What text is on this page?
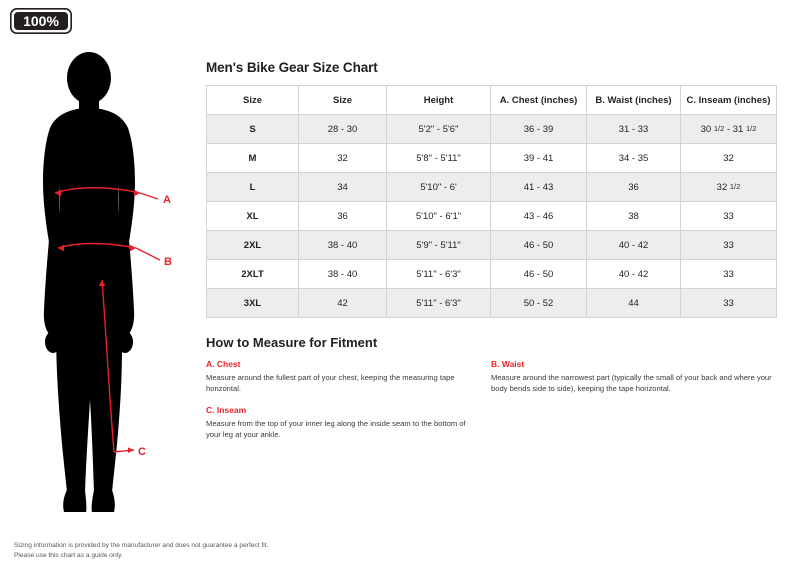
100%
A
B
C
Men's Bike Gear Size Chart
Size	Size	Height	A. Chest (inches)	B. Waist (inches)	C. Inseam (inches)
S	28 - 30	5'2" - 5'6"	36 - 39	31 - 33	30 1/2 - 31 1/2
M	32	5'8" - 5'11"	39 - 41	34 - 35	32
L	34	5'10" - 6'	41 - 43	36	32 1/2
XL	36	5'10" - 6'1"	43 - 46	38	33
2XL	38 - 40	5'9" - 5'11"	46 - 50	40 - 42	33
2XLT	38 - 40	5'11" - 6'3"	46 - 50	40 - 42	33
3XL	42	5'11" - 6'3"	50 - 52	44	33
How to Measure for Fitment
A. Chest
Measure around the fullest part of your chest, keeping the measuring tape horizontal.
B. Waist
Measure around the narrowest part (typically the small of your back and where your body bends side to side), keeping the tape horizontal.
C. Inseam
Measure from the top of your inner leg along the inside seam to the bottom of your leg at your ankle.
Sizing information is provided by the manufacturer and does not guarantee a perfect fit.
Please use this chart as a guide only.
